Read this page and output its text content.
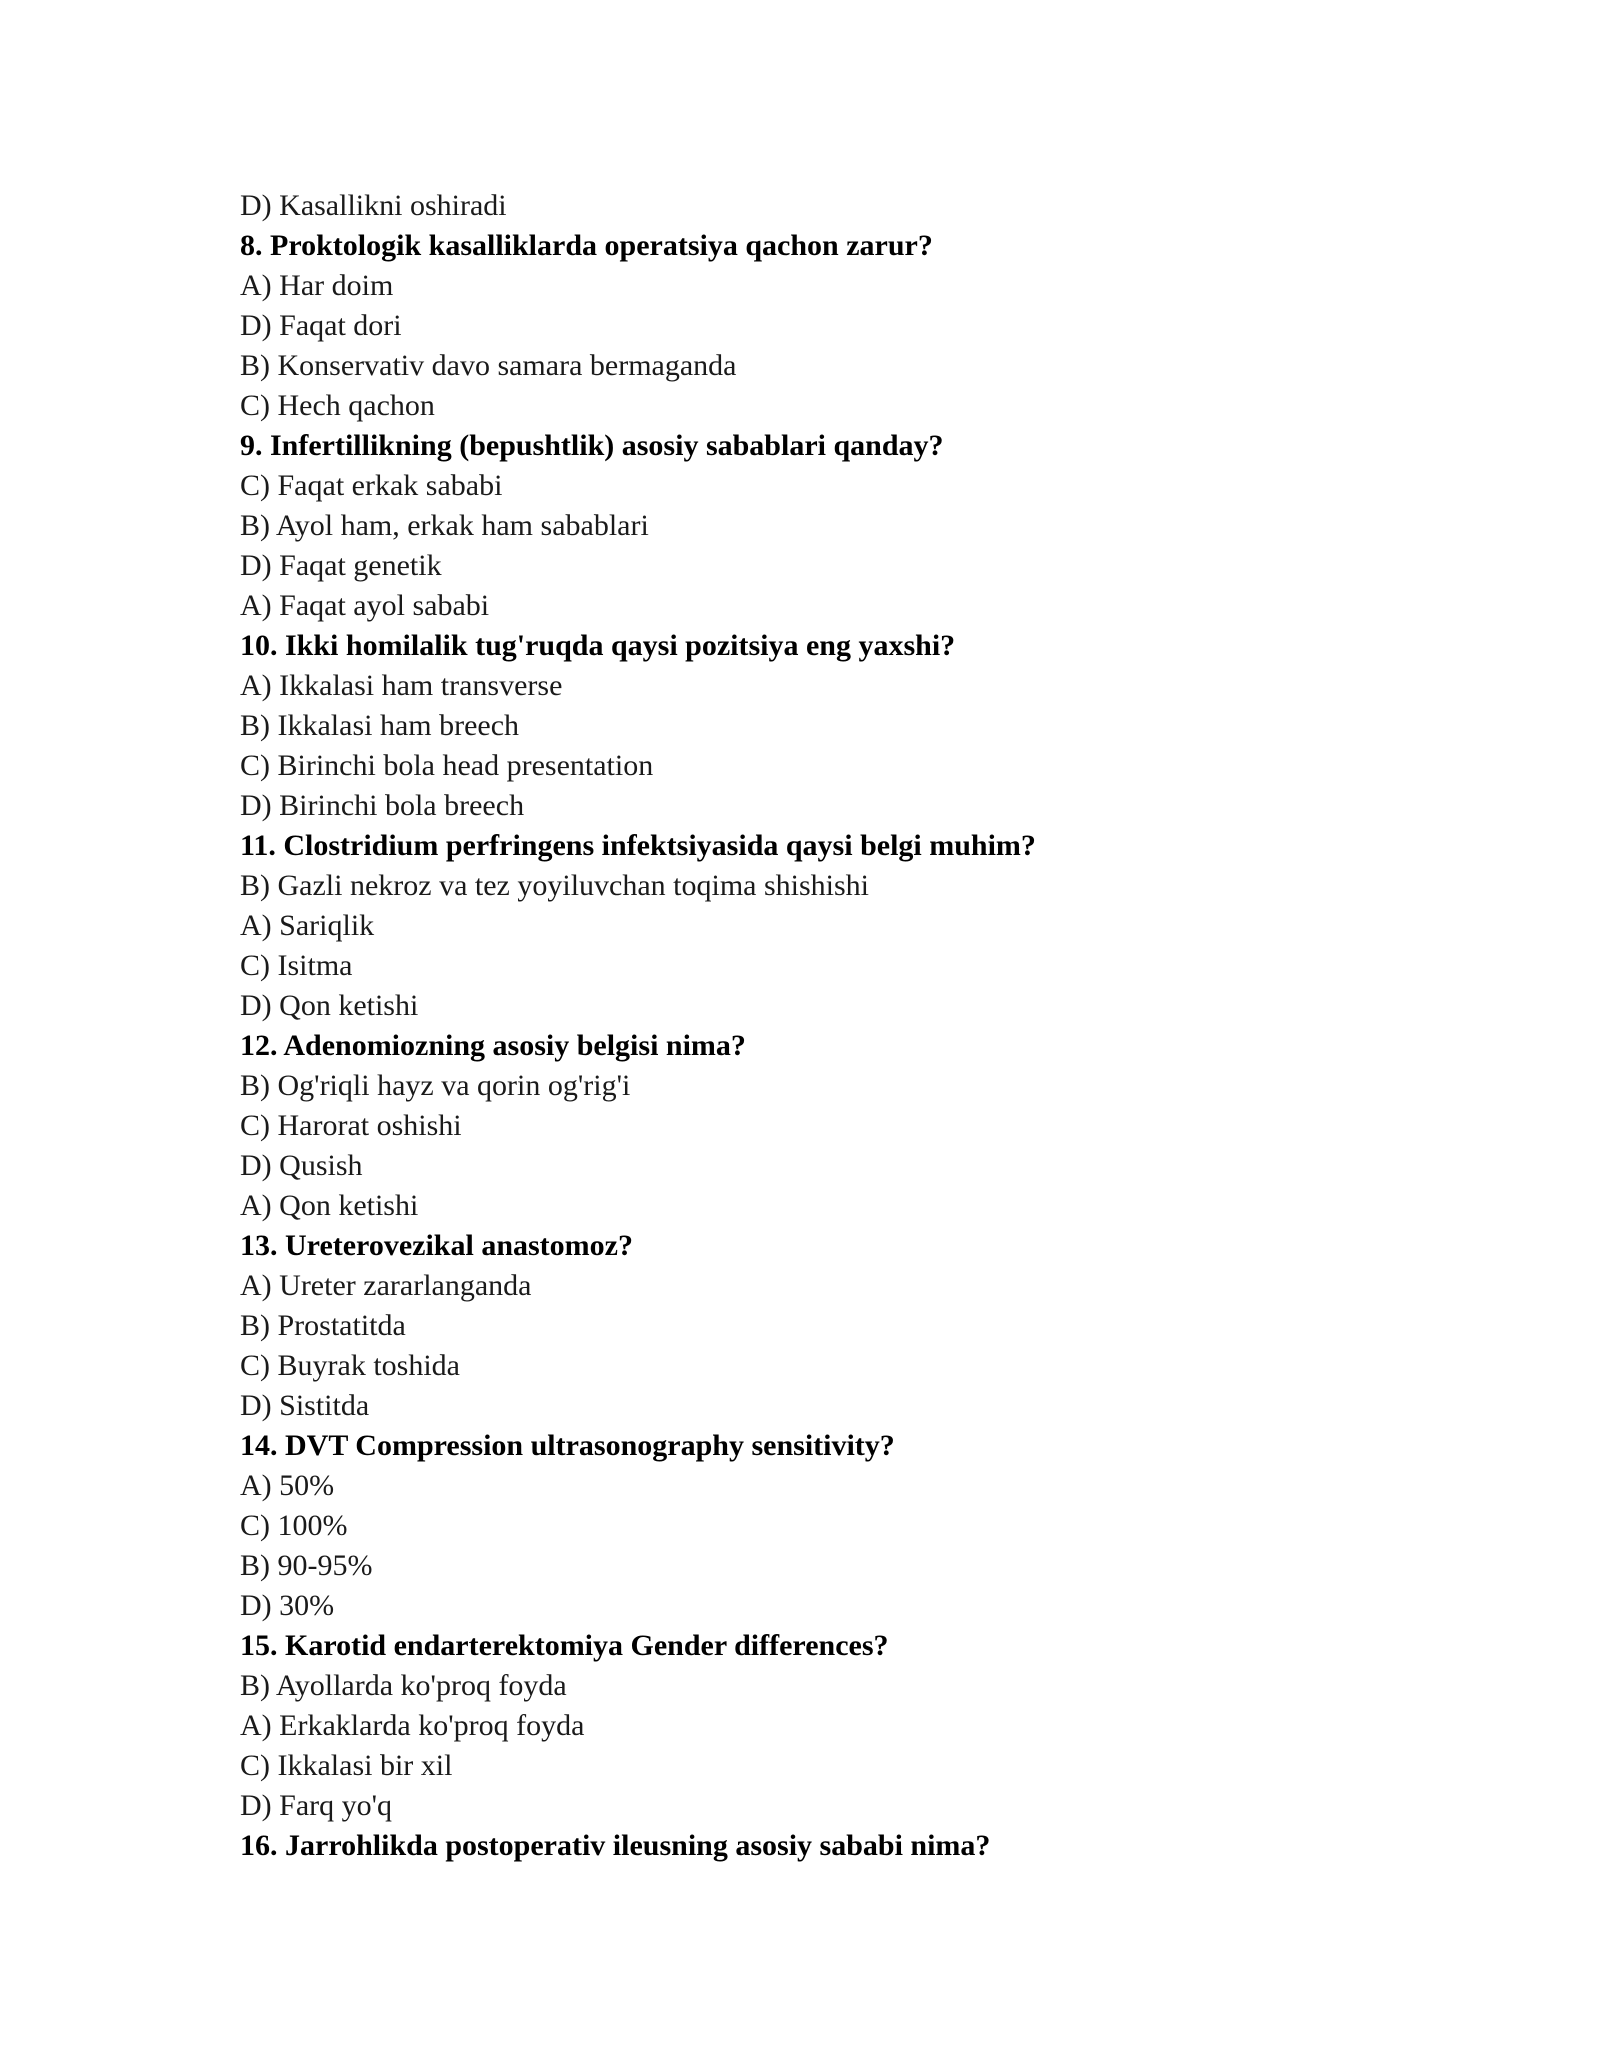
D) Kasallikni oshiradi
8. Proktologik kasalliklarda operatsiya qachon zarur?
A) Har doim
D) Faqat dori
B) Konservativ davo samara bermaganda
C) Hech qachon
9. Infertillikning (bepushtlik) asosiy sabablari qanday?
C) Faqat erkak sababi
B) Ayol ham, erkak ham sabablari
D) Faqat genetik
A) Faqat ayol sababi
10. Ikki homilalik tug'ruqda qaysi pozitsiya eng yaxshi?
A) Ikkalasi ham transverse
B) Ikkalasi ham breech
C) Birinchi bola head presentation
D) Birinchi bola breech
11. Clostridium perfringens infektsiyasida qaysi belgi muhim?
B) Gazli nekroz va tez yoyiluvchan toqima shishishi
A) Sariqlik
C) Isitma
D) Qon ketishi
12. Adenomiozning asosiy belgisi nima?
B) Og'riqli hayz va qorin og'rig'i
C) Harorat oshishi
D) Qusish
A) Qon ketishi
13. Ureterovezikal anastomoz?
A) Ureter zararlanganda
B) Prostatitda
C) Buyrak toshida
D) Sistitda
14. DVT Compression ultrasonography sensitivity?
A) 50%
C) 100%
B) 90-95%
D) 30%
15. Karotid endarterektomiya Gender differences?
B) Ayollarda ko'proq foyda
A) Erkaklarda ko'proq foyda
C) Ikkalasi bir xil
D) Farq yo'q
16. Jarrohlikda postoperativ ileusning asosiy sababi nima?
